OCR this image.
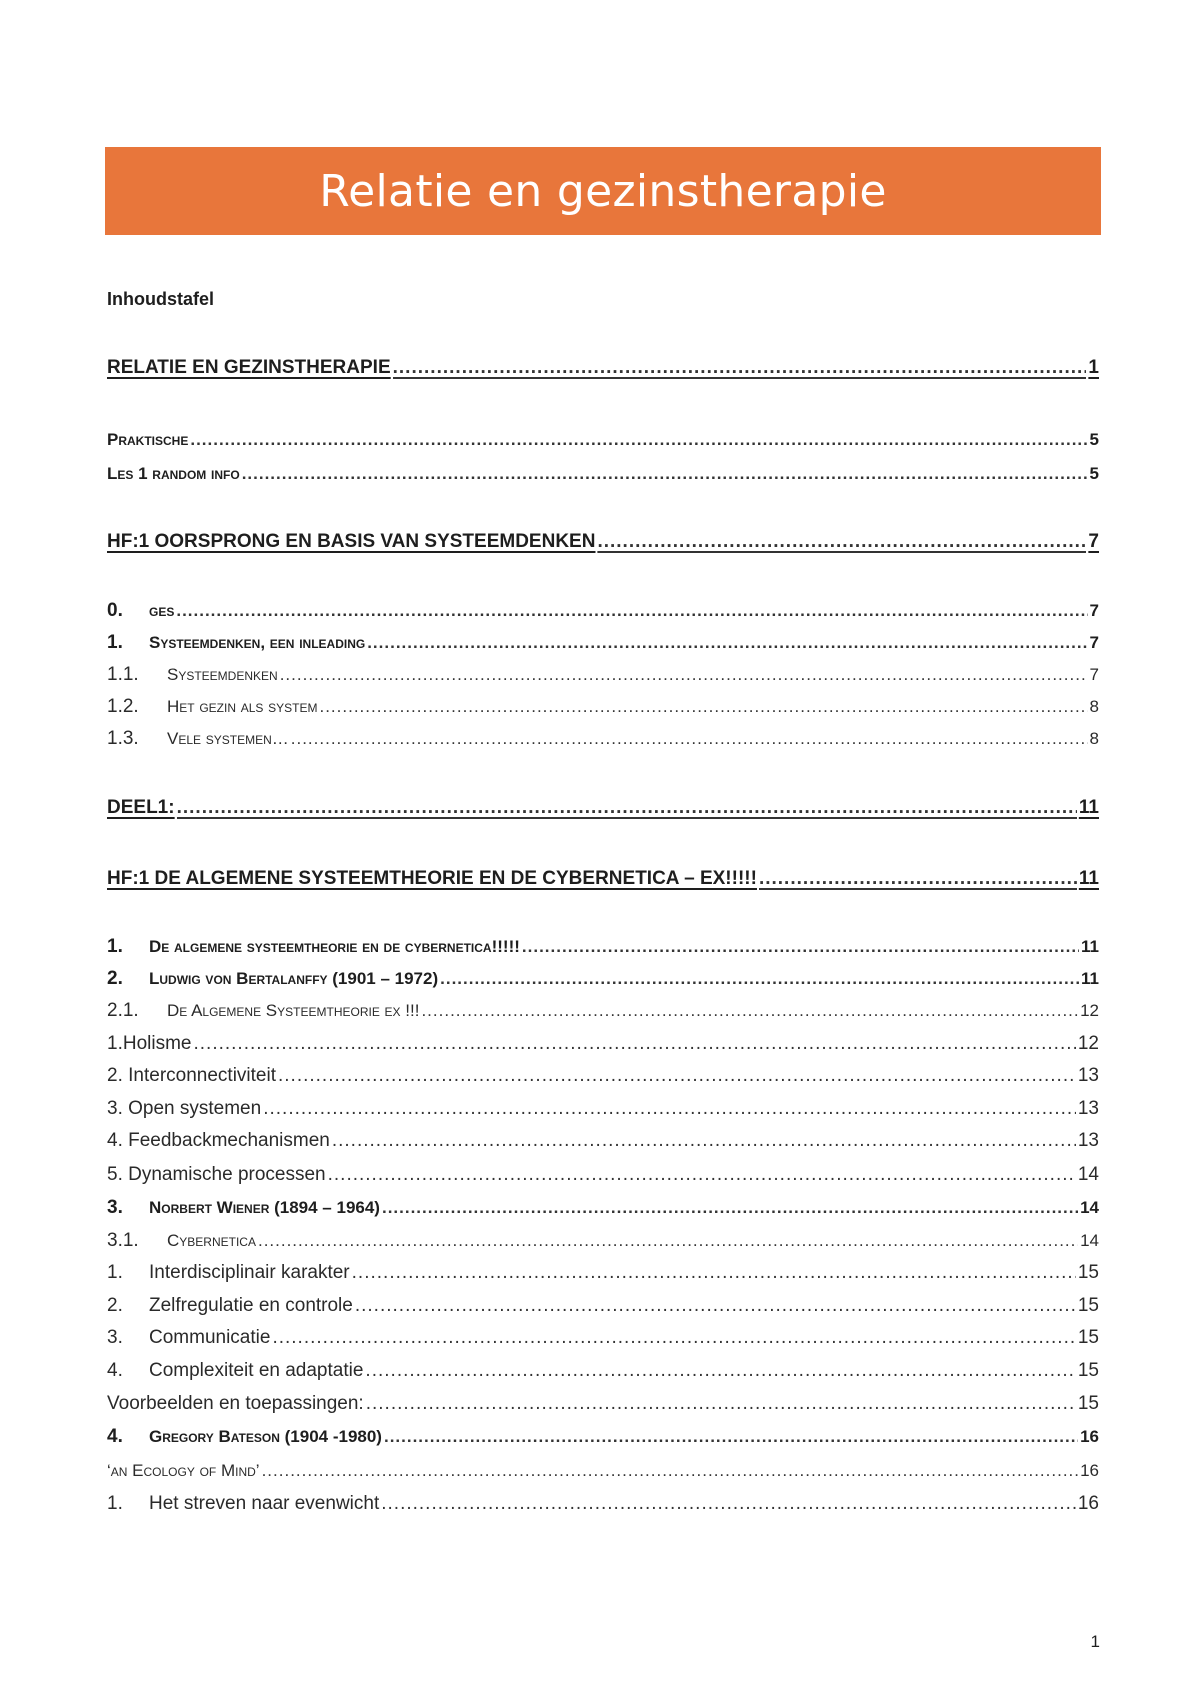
Relatie en gezinstherapie
Inhoudstafel
RELATIE EN GEZINSTHERAPIE .....	1
Praktische .....	5
Les 1 random info .....	5
HF:1 OORSPRONG EN BASIS VAN SYSTEEMDENKEN .....	7
0.	ges .....	7
1.	Systeemdenken, een inleading .....	7
1.1.	Systeemdenken .....	7
1.2.	Het gezin als system .....	8
1.3.	Vele systemen… .....	8
DEEL1: .....	11
HF:1 DE ALGEMENE SYSTEEMTHEORIE EN DE CYBERNETICA – EX!!!!! .....	11
1.	De algemene systeemtheorie en de cybernetica!!!!! .....	11
2.	Ludwig von Bertalanffy (1901 – 1972) .....	11
2.1.	De Algemene Systeemtheorie ex !!! .....	12
1.Holisme .....	12
2. Interconnectiviteit .....	13
3. Open systemen .....	13
4. Feedbackmechanismen .....	13
5. Dynamische processen .....	14
3.	Norbert Wiener (1894 – 1964) .....	14
3.1.	Cybernetica .....	14
1.	Interdisciplinair karakter .....	15
2.	Zelfregulatie en controle .....	15
3.	Communicatie .....	15
4.	Complexiteit en adaptatie .....	15
Voorbeelden en toepassingen: .....	15
4.	Gregory Bateson (1904 -1980) .....	16
‘an Ecology of Mind’ .....	16
1.	Het streven naar evenwicht .....	16
1
